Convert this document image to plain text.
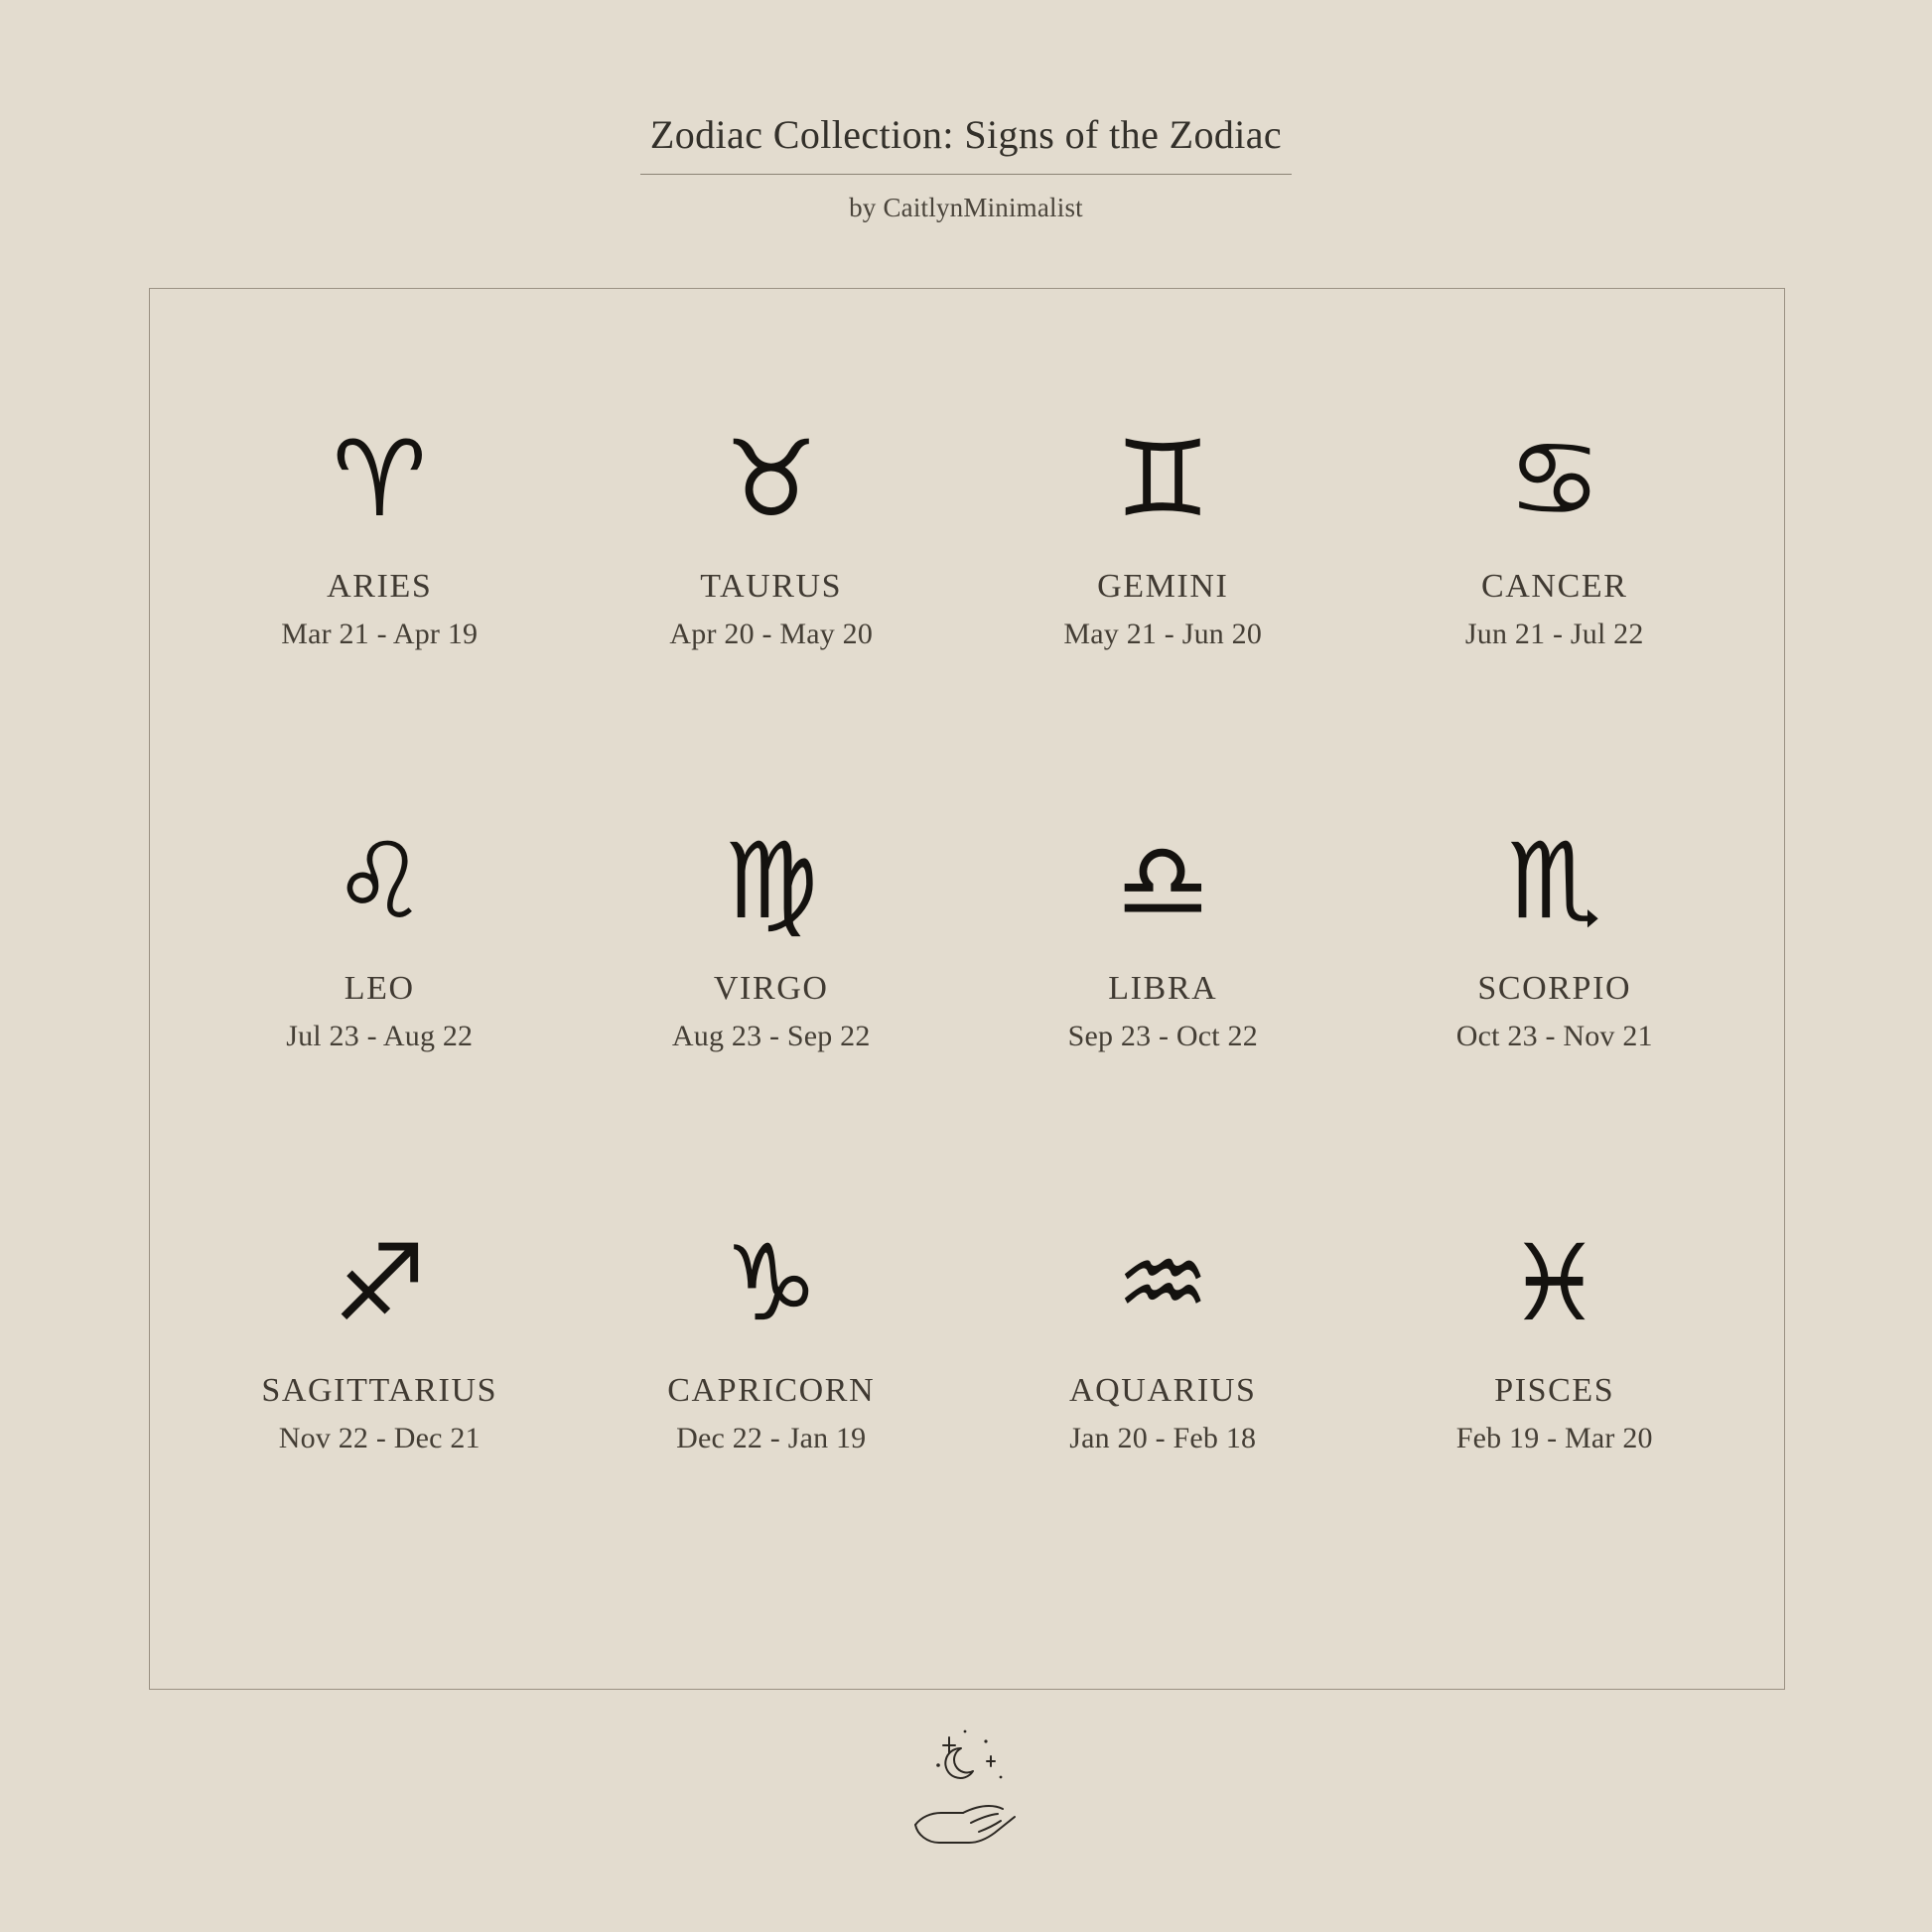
Zodiac Collection: Signs of the Zodiac
by CaitlynMinimalist
♈
ARIES
Mar 21 - Apr 19
♉
TAURUS
Apr 20 - May 20
♊
GEMINI
May 21 - Jun 20
♋
CANCER
Jun 21 - Jul 22
♌
LEO
Jul 23 - Aug 22
♍
VIRGO
Aug 23 - Sep 22
♎
LIBRA
Sep 23 - Oct 22
♏
SCORPIO
Oct 23 - Nov 21
♐
SAGITTARIUS
Nov 22 - Dec 21
♑
CAPRICORN
Dec 22 - Jan 19
♒
AQUARIUS
Jan 20 - Feb 18
♓
PISCES
Feb 19 - Mar 20
